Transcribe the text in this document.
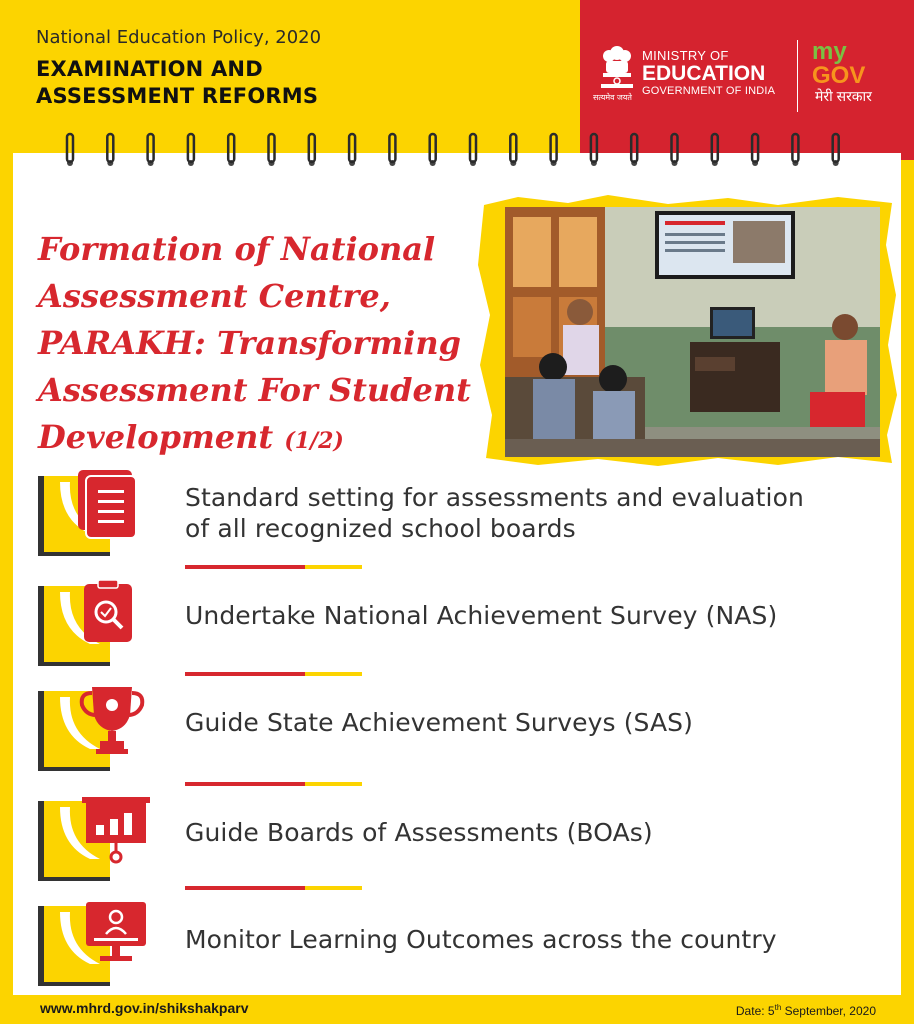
National Education Policy, 2020
EXAMINATION AND
ASSESSMENT REFORMS	सत्यमेव जयते
MINISTRY OF
EDUCATION
GOVERNMENT OF INDIA
my
GOV
मेरी सरकार
Formation of National Assessment Centre, PARAKH: Transforming Assessment For Student Development (1/2)
Standard setting for assessments and evaluation of all recognized school boards
Undertake National Achievement Survey (NAS)
Guide State Achievement Surveys (SAS)
Guide Boards of Assessments (BOAs)
Monitor Learning Outcomes across the country
www.mhrd.gov.in/shikshakparv	Date: 5th September, 2020
